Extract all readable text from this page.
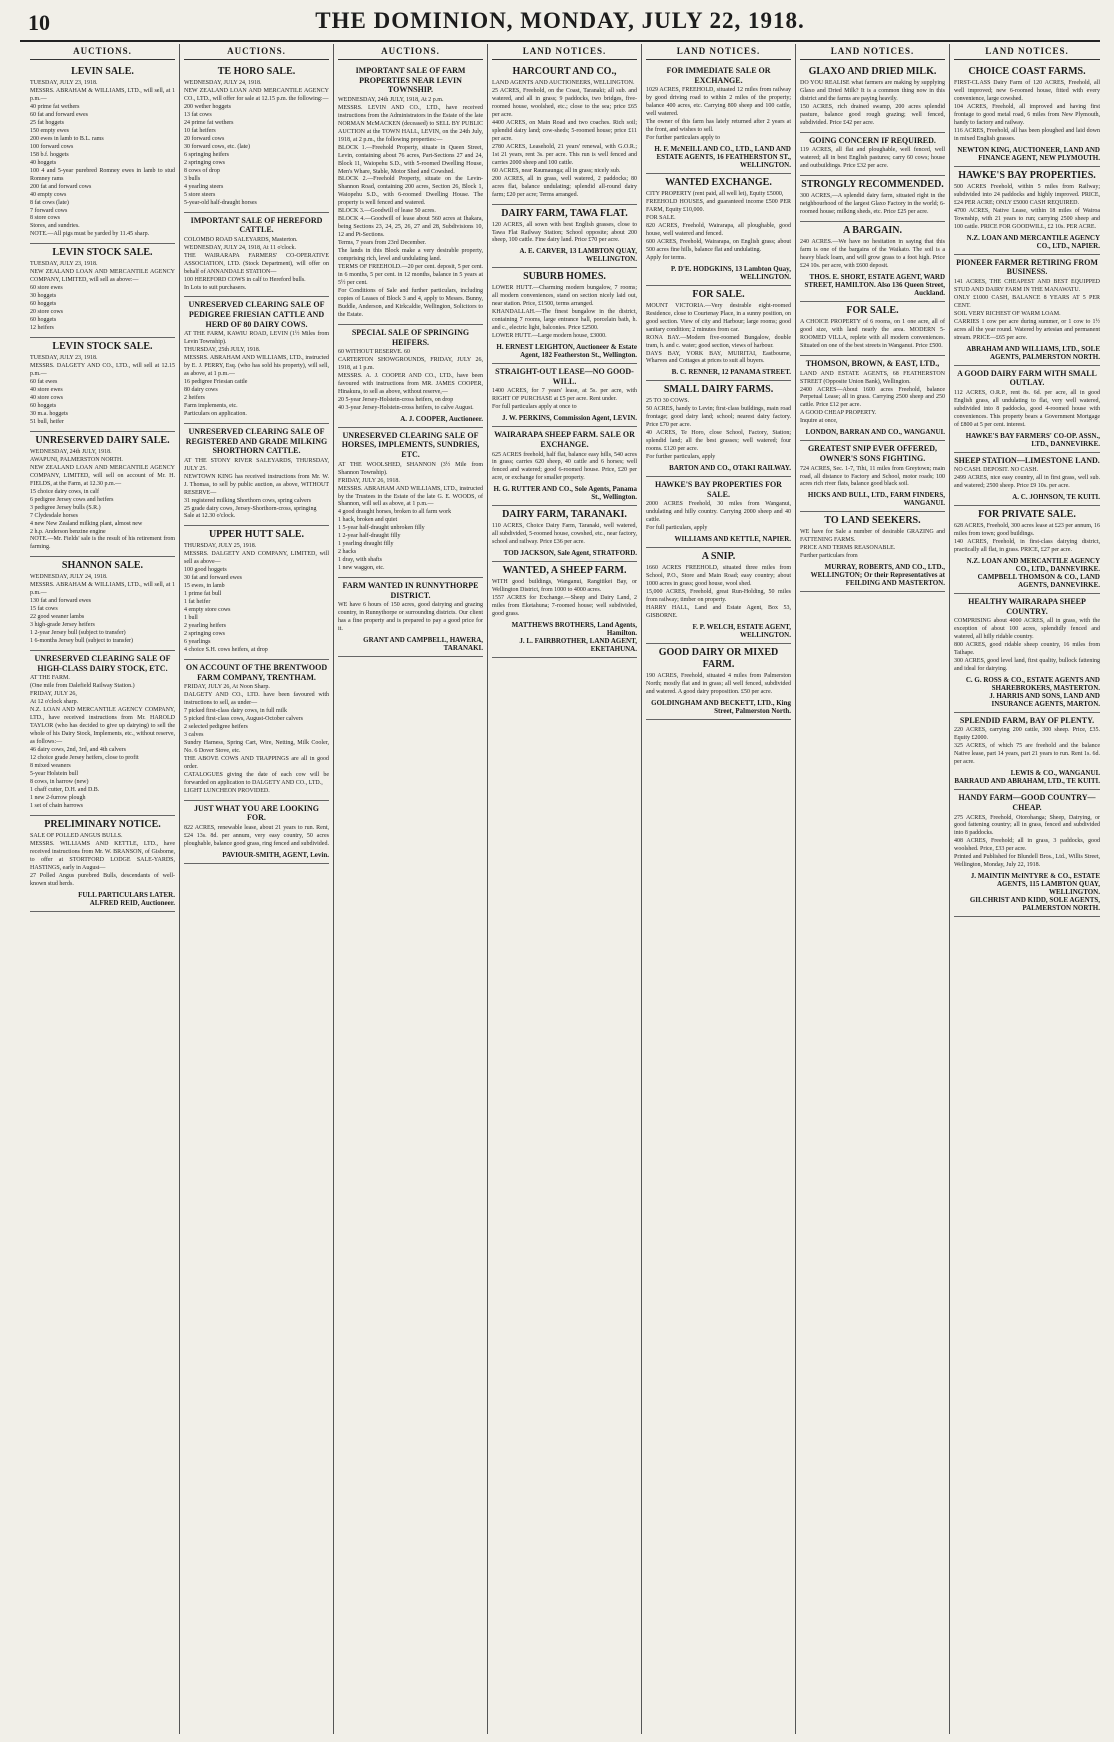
10	THE DOMINION, MONDAY, JULY 22, 1918.
AUCTIONS.
LEVIN SALE.
TUESDAY, JULY 23, 1918.
MESSRS. ABRAHAM & WILLIAMS, LTD., will sell, at 1 p.m.—
40 prime fat wethers
60 fat and forward ewes
25 fat hoggets
150 empty ewes
200 ewes in lamb to B.L. rams
100 forward cows
158 b.f. hoggets
40 hoggets
100 4 and 5-year purebred Romney ewes in lamb to stud Romney rams
200 fat and forward cows
40 empty cows
8 fat cows (late)
7 forward cows
8 store cows
Stores, and sundries.
NOTE.—All pigs must be yarded by 11.45 sharp.
LEVIN STOCK SALE.
TUESDAY, JULY 23, 1918.
NEW ZEALAND LOAN AND MERCANTILE AGENCY COMPANY, LIMITED, will sell as above:—
60 store ewes
30 hoggets
60 hoggets
20 store cows
60 hoggets
12 heifers
LEVIN STOCK SALE.
TUESDAY, JULY 23, 1918.
MESSRS. DALGETY AND CO., LTD., will sell at 12.15 p.m.—
60 fat ewes
40 store ewes
40 store cows
60 hoggets
30 m.a. hoggets
51 bull, heifer
UNRESERVED DAIRY SALE.
WEDNESDAY, 24th JULY, 1918.
AWAPUNI, PALMERSTON NORTH.
NEW ZEALAND LOAN AND MERCANTILE AGENCY COMPANY, LIMITED, will sell on account of Mr. H. FIELDS, at the Farm, at 12.30 p.m.—
15 choice dairy cows, in calf
6 pedigree Jersey cows and heifers
3 pedigree Jersey bulls (S.R.)
7 Clydesdale horses
4 new New Zealand milking plant, almost new
2 h.p. Anderson benzine engine
NOTE.—Mr. Fields' sale is the result of his retirement from farming.
SHANNON SALE.
WEDNESDAY, JULY 24, 1918.
MESSRS. ABRAHAM & WILLIAMS, LTD., will sell, at 1 p.m.—
130 fat and forward ewes
15 fat cows
22 good weaner lambs
3 high-grade Jersey heifers
1 2-year Jersey bull (subject to transfer)
1 6-months Jersey bull (subject to transfer)
UNRESERVED CLEARING SALE OF HIGH-CLASS DAIRY STOCK, ETC.
AT THE FARM.
(One mile from Dalefield Railway Station.)
FRIDAY, JULY 26,
At 12 o'clock sharp.
N.Z. LOAN AND MERCANTILE AGENCY COMPANY, LTD., have received instructions from Mr. HAROLD TAYLOR (who has decided to give up dairying) to sell the whole of his Dairy Stock, Implements, etc., without reserve, as follows:—
46 dairy cows, 2nd, 3rd, and 4th calvers
12 choice grade Jersey heifers, close to profit
8 mixed weaners
5-year Holstein bull
8 cows, in harrow (new)
1 chaff cutter, D.H. and D.B.
1 new 2-furrow plough
1 set of chain harrows
PRELIMINARY NOTICE.
SALE OF POLLED ANGUS BULLS.
MESSRS. WILLIAMS AND KETTLE, LTD., have received instructions from Mr. W. BRANSON, of Gisborne, to offer at STORTFORD LODGE SALE-YARDS, HASTINGS, early in August—
27 Polled Angus purebred Bulls, descendants of well-known stud herds.
FULL PARTICULARS LATER.
ALFRED REID, Auctioneer.
AUCTIONS.
TE HORO SALE.
WEDNESDAY, JULY 24, 1918.
NEW ZEALAND LOAN AND MERCANTILE AGENCY CO., LTD., will offer for sale at 12.15 p.m. the following:—
200 wether hoggets
13 fat cows
24 prime fat wethers
10 fat heifers
20 forward cows
30 forward cows, etc. (late)
6 springing heifers
2 springing cows
8 cows of drop
3 bulls
4 yearling steers
5 store steers
5-year-old half-draught horses
IMPORTANT SALE OF HEREFORD CATTLE.
COLOMBO ROAD SALEYARDS, Masterton.
WEDNESDAY, JULY 24, 1918, At 11 o'clock.
THE WAIRARAPA FARMERS' CO-OPERATIVE ASSOCIATION, LTD. (Stock Department), will offer on behalf of ANNANDALE STATION—
100 HEREFORD COWS in calf to Hereford bulls.
In Lots to suit purchasers.
UNRESERVED CLEARING SALE OF PEDIGREE FRIESIAN CATTLE AND HERD OF 80 DAIRY COWS.
AT THE FARM, KAWIU ROAD, LEVIN (1½ Miles from Levin Township).
THURSDAY, 25th JULY, 1918.
MESSRS. ABRAHAM AND WILLIAMS, LTD., instructed by E. J. PERRY, Esq. (who has sold his property), will sell, as above, at 1 p.m.—
16 pedigree Friesian cattle
80 dairy cows
2 heifers
Farm implements, etc.
Particulars on application.
UNRESERVED CLEARING SALE OF REGISTERED AND GRADE MILKING SHORTHORN CATTLE.
AT THE STONY RIVER SALEYARDS, THURSDAY, JULY 25.
NEWTOWN KING has received instructions from Mr. W. J. Thomas, to sell by public auction, as above, WITHOUT RESERVE—
31 registered milking Shorthorn cows, spring calvers
25 grade dairy cows, Jersey-Shorthorn-cross, springing
Sale at 12.30 o'clock.
UPPER HUTT SALE.
THURSDAY, JULY 25, 1918.
MESSRS. DALGETY AND COMPANY, LIMITED, will sell as above—
100 good hoggets
30 fat and forward ewes
15 ewes, in lamb
1 prime fat bull
1 fat heifer
4 empty store cows
1 bull
2 yearling heifers
2 springing cows
6 yearlings
4 choice S.H. cows heifers, at drop
ON ACCOUNT OF THE BRENTWOOD FARM COMPANY, TRENTHAM.
FRIDAY, JULY 26, At Noon Sharp.
DALGETY AND CO., LTD. have been favoured with instructions to sell, as under—
7 picked first-class dairy cows, in full milk
5 picked first-class cows, August-October calvers
2 selected pedigree heifers
3 calves
Sundry Harness, Spring Cart, Wire, Netting, Milk Cooler, No. 6 Dover Stove, etc.
THE ABOVE COWS AND TRAPPINGS are all in good order.
CATALOGUES giving the date of each cow will be forwarded on application to DALGETY AND CO., LTD.,
LIGHT LUNCHEON PROVIDED.
JUST WHAT YOU ARE LOOKING FOR.
822 ACRES, renewable lease, about 21 years to run. Rent, £24 13s. 8d. per annum, very easy country, 50 acres ploughable, balance good grass, ring fenced and subdivided.
PAVIOUR-SMITH, AGENT, Levin.
AUCTIONS.
IMPORTANT SALE OF FARM PROPERTIES NEAR LEVIN TOWNSHIP.
WEDNESDAY, 24th JULY, 1918, At 2 p.m.
MESSRS. LEVIN AND CO., LTD., have received instructions from the Administrators in the Estate of the late NORMAN McMACKEN (deceased) to SELL BY PUBLIC AUCTION at the TOWN HALL, LEVIN, on the 24th July, 1918, at 2 p.m., the following properties:—
BLOCK 1.—Freehold Property, situate in Queen Street, Levin, containing about 76 acres, Part-Sections 27 and 24, Block 11, Waiopehu S.D., with 5-roomed Dwelling House, Men's Whare, Stable, Motor Shed and Cowshed.
BLOCK 2.—Freehold Property, situate on the Levin-Shannon Road, containing 200 acres, Section 26, Block 1, Waiopehu S.D., with 6-roomed Dwelling House. The property is well fenced and watered.
BLOCK 3.—Goodwill of lease 50 acres.
BLOCK 4.—Goodwill of lease about 560 acres at Ihakara, being Sections 23, 24, 25, 26, 27 and 28, Subdivisions 10, 12 and Pt-Sections.
Terms, 7 years from 23rd December.
The lands in this Block make a very desirable property, comprising rich, level and undulating land.
TERMS OF FREEHOLD.—20 per cent. deposit, 5 per cent. in 6 months, 5 per cent. in 12 months, balance in 5 years at 5½ per cent.
For Conditions of Sale and further particulars, including copies of Leases of Block 3 and 4, apply to Messrs. Bunny, Buddle, Anderson, and Kirkcaldie, Wellington, Solicitors to the Estate.
SPECIAL SALE OF SPRINGING HEIFERS.
60 WITHOUT RESERVE. 60
CARTERTON SHOWGROUNDS, FRIDAY, JULY 26, 1918, at 1 p.m.
MESSRS. A. J. COOPER AND CO., LTD., have been favoured with instructions from MR. JAMES COOPER, Hinakura, to sell as above, without reserve,—
20 5-year Jersey-Holstein-cross heifers, on drop
40 3-year Jersey-Holstein-cross heifers, to calve August.
A. J. COOPER, Auctioneer.
UNRESERVED CLEARING SALE OF HORSES, IMPLEMENTS, SUNDRIES, ETC.
AT THE WOOLSHED, SHANNON (3½ Mile from Shannon Township).
FRIDAY, JULY 26, 1918.
MESSRS. ABRAHAM AND WILLIAMS, LTD., instructed by the Trustees in the Estate of the late G. E. WOODS, of Shannon, will sell as above, at 1 p.m.—
4 good draught horses, broken to all farm work
1 hack, broken and quiet
1 5-year half-draught unbroken filly
1 2-year half-draught filly
1 yearling draught filly
2 hacks
1 dray, with shafts
1 new waggon, etc.
FARM WANTED IN RUNNYTHORPE DISTRICT.
WE have 6 hours of 150 acres, good dairying and grazing country, in Runnythorpe or surrounding districts. Our client has a fine property and is prepared to pay a good price for it.
GRANT AND CAMPBELL, HAWERA, TARANAKI.
LAND NOTICES.
HARCOURT AND CO.,
LAND AGENTS AND AUCTIONEERS, WELLINGTON.
25 ACRES, Freehold, on the Coast, Taranaki; all sub. and watered, and all in grass; 9 paddocks, two bridges, five-roomed house, woolshed, etc.; close to the sea; price £65 per acre.
4400 ACRES, on Main Road and two coaches. Rich soil; splendid dairy land; cow-sheds; 5-roomed house; price £11 per acre.
2780 ACRES, Leasehold, 21 years' renewal, with G.O.R.; 1st 21 years, rent 3s. per acre. This run is well fenced and carries 2000 sheep and 100 cattle.
60 ACRES, near Raumaunga; all in grass; nicely sub.
200 ACRES, all in grass, well watered, 2 paddocks; 80 acres flat, balance undulating; splendid all-round dairy farm; £20 per acre; Terms arranged.
DAIRY FARM, TAWA FLAT.
120 ACRES, all sown with best English grasses, close to Tawa Flat Railway Station; School opposite; about 200 sheep, 100 cattle. Fine dairy land. Price £70 per acre.
A. E. CARVER, 13 LAMBTON QUAY, WELLINGTON.
SUBURB HOMES.
LOWER HUTT.—Charming modern bungalow, 7 rooms; all modern conveniences, stand on section nicely laid out, near station. Price, £1500, terms arranged.
KHANDALLAH.—The finest bungalow in the district, containing 7 rooms, large entrance hall, porcelain bath, h. and c., electric light, balconies. Price £2500.
LOWER HUTT.—Large modern house, £3000.
H. ERNEST LEIGHTON, Auctioneer & Estate Agent, 182 Featherston St., Wellington.
STRAIGHT-OUT LEASE—NO GOOD-WILL.
1400 ACRES, for 7 years' lease, at 5s. per acre, with RIGHT OF PURCHASE at £5 per acre. Rent under.
For full particulars apply at once to
J. W. PERKINS, Commission Agent, LEVIN.
WAIRARAPA SHEEP FARM. SALE OR EXCHANGE.
625 ACRES freehold, half flat, balance easy hills, 540 acres in grass; carries 620 sheep, 40 cattle and 6 horses; well fenced and watered; good 6-roomed house. Price, £20 per acre, or exchange for smaller property.
H. G. RUTTER AND CO., Sole Agents, Panama St., Wellington.
DAIRY FARM, TARANAKI.
110 ACRES, Choice Dairy Farm, Taranaki, well watered, all subdivided, 5-roomed house, cowshed, etc., near factory, school and railway. Price £36 per acre.
TOD JACKSON, Sale Agent, STRATFORD.
WANTED, A SHEEP FARM.
WITH good buildings, Wanganui, Rangitikei Bay, or Wellington District, from 1000 to 4000 acres.
1557 ACRES for Exchange.—Sheep and Dairy Land, 2 miles from Eketahuna; 7-roomed house; well subdivided, good grass.
MATTHEWS BROTHERS, Land Agents, Hamilton.
J. L. FAIRBROTHER, LAND AGENT, EKETAHUNA.
LAND NOTICES.
FOR IMMEDIATE SALE OR EXCHANGE.
1029 ACRES, FREEHOLD, situated 12 miles from railway by good driving road to within 2 miles of the property; balance 400 acres, etc. Carrying 800 sheep and 100 cattle, well watered.
The owner of this farm has lately returned after 2 years at the front, and wishes to sell.
For further particulars apply to
H. F. McNEILL AND CO., LTD., LAND AND ESTATE AGENTS, 16 FEATHERSTON ST., WELLINGTON.
WANTED EXCHANGE.
CITY PROPERTY (rent paid, all well let), Equity £5000,
FREEHOLD HOUSES, and guaranteed income £500 PER FARM, Equity £10,000.
FOR SALE.
820 ACRES, Freehold, Wairarapa, all ploughable, good house, well watered and fenced.
600 ACRES, Freehold, Wairarapa, on English grass; about 500 acres fine hills, balance flat and undulating.
Apply for terms.
P. D'E. HODGKINS, 13 Lambton Quay, WELLINGTON.
FOR SALE.
MOUNT VICTORIA.—Very desirable eight-roomed Residence, close to Courtenay Place, in a sunny position, on good section. View of city and Harbour; large rooms; good sanitary condition; 2 minutes from car.
RONA BAY.—Modern five-roomed Bungalow, double tram, h. and c. water; good section, views of harbour.
DAYS BAY, YORK BAY, MUIRITAI, Eastbourne, Wharves and Cottages at prices to suit all buyers.
B. C. RENNER, 12 PANAMA STREET.
SMALL DAIRY FARMS.
25 TO 30 COWS.
50 ACRES, handy to Levin; first-class buildings, main road frontage; good dairy land; school; nearest dairy factory. Price £70 per acre.
40 ACRES, Te Horo, close School, Factory, Station; splendid land; all the best grasses; well watered; four rooms. £120 per acre.
For further particulars, apply
BARTON AND CO., OTAKI RAILWAY.
HAWKE'S BAY PROPERTIES FOR SALE.
2000 ACRES Freehold, 30 miles from Wanganui, undulating and hilly country. Carrying 2000 sheep and 40 cattle.
For full particulars, apply
WILLIAMS AND KETTLE, NAPIER.
A SNIP.
1660 ACRES FREEHOLD, situated three miles from School, P.O., Store and Main Road; easy country; about 1000 acres in grass; good house, wool shed.
15,000 ACRES, Freehold, great Run-Holding, 50 miles from railway; timber on property.
HARRY HALL, Land and Estate Agent, Box 53, GISBORNE.
F. P. WELCH, ESTATE AGENT, WELLINGTON.
GOOD DAIRY OR MIXED FARM.
190 ACRES, Freehold, situated 4 miles from Palmerston North; mostly flat and in grass; all well fenced, subdivided and watered. A good dairy proposition. £50 per acre.
GOLDINGHAM AND BECKETT, LTD., King Street, Palmerston North.
LAND NOTICES.
GLAXO AND DRIED MILK.
DO YOU REALISE what farmers are making by supplying Glaxo and Dried Milk? It is a common thing now in this district and the farms are paying heavily.
150 ACRES, rich drained swamp, 200 acres splendid pasture, balance good rough grazing; well fenced, subdivided. Price £42 per acre.
GOING CONCERN IF REQUIRED.
119 ACRES, all flat and ploughable, well fenced, well watered; all in best English pastures; carry 60 cows; house and outbuildings. Price £32 per acre.
STRONGLY RECOMMENDED.
300 ACRES,—A splendid dairy farm, situated right in the neighbourhood of the largest Glaxo Factory in the world; 6-roomed house; milking sheds, etc. Price £25 per acre.
A BARGAIN.
240 ACRES.—We have no hesitation in saying that this farm is one of the bargains of the Waikato. The soil is a heavy black loam, and will grow grass to a foot high. Price £24 10s. per acre, with £600 deposit.
THOS. E. SHORT, ESTATE AGENT, WARD STREET, HAMILTON. Also 136 Queen Street, Auckland.
FOR SALE.
A CHOICE PROPERTY of 6 rooms, on 1 one acre, all of good size, with land nearly the area. MODERN 5-ROOMED VILLA, replete with all modern conveniences. Situated on one of the best streets in Wanganui. Price £500.
THOMSON, BROWN, & EAST, LTD.,
LAND AND ESTATE AGENTS, 68 FEATHERSTON STREET (Opposite Union Bank), Wellington.
2400 ACRES—About 1600 acres Freehold, balance Perpetual Lease; all in grass. Carrying 2500 sheep and 250 cattle. Price £12 per acre.
A GOOD CHEAP PROPERTY.
Inquire at once,
LONDON, BARRAN AND CO., WANGANUI.
GREATEST SNIP EVER OFFERED, OWNER'S SONS FIGHTING.
724 ACRES, Sec. 1-7, Tihi, 11 miles from Greytown; main road, all distance to Factory and School, motor roads; 100 acres rich river flats, balance good black soil.
HICKS AND BULL, LTD., FARM FINDERS, WANGANUI.
TO LAND SEEKERS.
WE have for Sale a number of desirable GRAZING and FATTENING FARMS.
PRICE AND TERMS REASONABLE.
Further particulars from
MURRAY, ROBERTS, AND CO., LTD., WELLINGTON; Or their Representatives at FEILDING AND MASTERTON.
LAND NOTICES.
CHOICE COAST FARMS.
FIRST-CLASS Dairy Farm of 120 ACRES, Freehold, all well improved; new 6-roomed house, fitted with every convenience, large cowshed.
104 ACRES, Freehold, all improved and having first frontage to good metal road, 6 miles from New Plymouth, handy to factory and railway.
116 ACRES, Freehold, all has been ploughed and laid down in mixed English grasses.
NEWTON KING, AUCTIONEER, LAND AND FINANCE AGENT, NEW PLYMOUTH.
HAWKE'S BAY PROPERTIES.
500 ACRES Freehold, within 5 miles from Railway; subdivided into 24 paddocks and highly improved. PRICE, £24 PER ACRE; ONLY £5000 CASH REQUIRED.
4700 ACRES, Native Lease, within 18 miles of Wairoa Township, with 21 years to run; carrying 2500 sheep and 100 cattle. PRICE FOR GOODWILL, £2 10s. PER ACRE.
N.Z. LOAN AND MERCANTILE AGENCY CO., LTD., NAPIER.
PIONEER FARMER RETIRING FROM BUSINESS.
141 ACRES, THE CHEAPEST AND BEST EQUIPPED STUD AND DAIRY FARM IN THE MANAWATU.
ONLY £1000 CASH, BALANCE 8 YEARS AT 5 PER CENT.
SOIL VERY RICHEST OF WARM LOAM.
CARRIES 1 cow per acre during summer, or 1 cow to 1½ acres all the year round. Watered by artesian and permanent stream. PRICE—£65 per acre.
ABRAHAM AND WILLIAMS, LTD., SOLE AGENTS, PALMERSTON NORTH.
A GOOD DAIRY FARM WITH SMALL OUTLAY.
112 ACRES, O.R.P., rent 8s. 6d. per acre, all in good English grass, all undulating to flat, very well watered, subdivided into 8 paddocks, good 4-roomed house with conveniences. This property bears a Government Mortgage of £800 at 5 per cent. interest.
HAWKE'S BAY FARMERS' CO-OP. ASSN., LTD., DANNEVIRKE.
SHEEP STATION—LIMESTONE LAND.
NO CASH. DEPOSIT. NO CASH.
2499 ACRES, nice easy country, all in first grass, well sub. and watered; 2500 sheep. Price £9 10s. per acre.
A. C. JOHNSON, TE KUITI.
FOR PRIVATE SALE.
628 ACRES, Freehold, 300 acres lease at £23 per annum, 16 miles from town; good buildings.
140 ACRES, Freehold, in first-class dairying district, practically all flat, in grass. PRICE, £27 per acre.
N.Z. LOAN AND MERCANTILE AGENCY CO., LTD., DANNEVIRKE.
CAMPBELL THOMSON & CO., LAND AGENTS, DANNEVIRKE.
HEALTHY WAIRARAPA SHEEP COUNTRY.
COMPRISING about 4000 ACRES, all in grass, with the exception of about 100 acres, splendidly fenced and watered, all hilly ridable country.
800 ACRES, good ridable sheep country, 16 miles from Taihape.
300 ACRES, good level land, first quality, bullock fattening and ideal for dairying.
C. G. ROSS & CO., ESTATE AGENTS AND SHAREBROKERS, MASTERTON.
J. HARRIS AND SONS, LAND AND INSURANCE AGENTS, MARTON.
SPLENDID FARM, BAY OF PLENTY.
220 ACRES, carrying 200 cattle, 300 sheep. Price, £35. Equity £2000.
325 ACRES, of which 75 are freehold and the balance Native lease, part 14 years, part 21 years to run. Rent 1s. 6d. per acre.
LEWIS & CO., WANGANUI.
BARRAUD AND ABRAHAM, LTD., TE KUITI.
HANDY FARM—GOOD COUNTRY—CHEAP.
275 ACRES, Freehold, Otorohanga; Sheep, Dairying, or good fattening country; all in grass, fenced and subdivided into 8 paddocks.
408 ACRES, Freehold; all in grass, 3 paddocks, good woolshed. Price, £33 per acre.
Printed and Published for Blundell Bros., Ltd., Willis Street, Wellington, Monday, July 22, 1918.
J. MAINTIN McINTYRE & CO., ESTATE AGENTS, 115 LAMBTON QUAY, WELLINGTON.
GILCHRIST AND KIDD, SOLE AGENTS, PALMERSTON NORTH.
